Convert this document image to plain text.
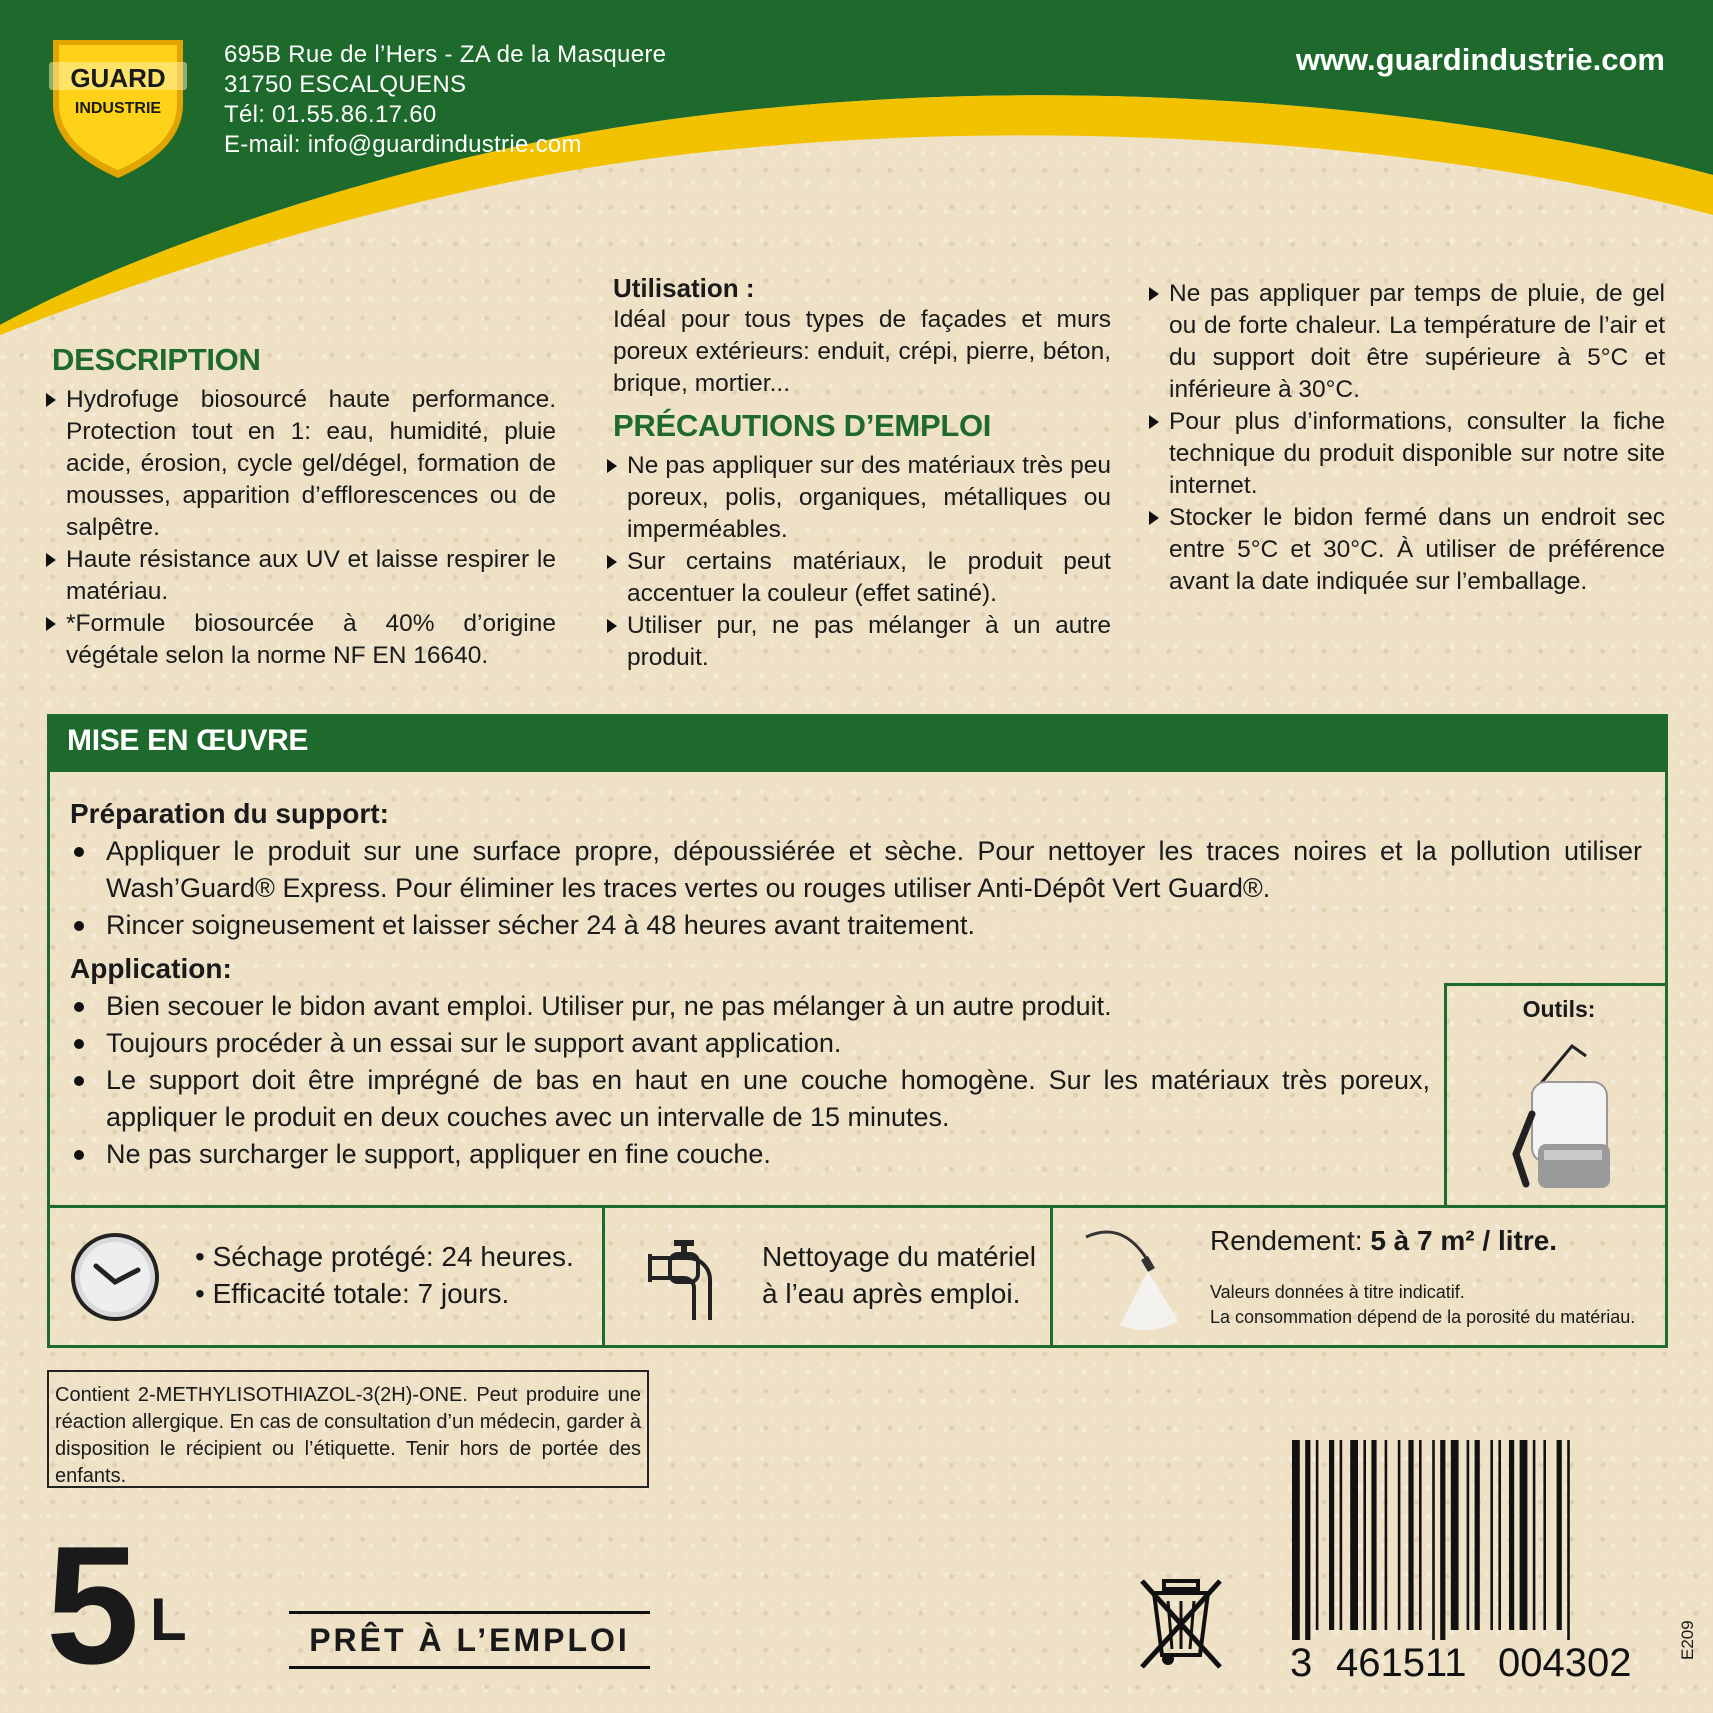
GUARD
INDUSTRIE
695B Rue de l’Hers - ZA de la Masquere
31750 ESCALQUENS
Tél: 01.55.86.17.60
E-mail: info@guardindustrie.com
www.guardindustrie.com
DESCRIPTION
Hydrofuge biosourcé haute performance. Protection tout en 1: eau, humidité, pluie acide, érosion, cycle gel/dégel, formation de mousses, apparition d’efflorescences ou de salpêtre.
Haute résistance aux UV et laisse respirer le matériau.
*Formule biosourcée à 40% d’origine végétale selon la norme NF EN 16640.
Utilisation :
Idéal pour tous types de façades et murs poreux extérieurs: enduit, crépi, pierre, béton, brique, mortier...
PRÉCAUTIONS D’EMPLOI
Ne pas appliquer sur des matériaux très peu poreux, polis, organiques, métalliques ou imperméables.
Sur certains matériaux, le produit peut accentuer la couleur (effet satiné).
Utiliser pur, ne pas mélanger à un autre produit.
Ne pas appliquer par temps de pluie, de gel ou de forte chaleur. La température de l’air et du support doit être supérieure à 5°C et inférieure à 30°C.
Pour plus d’informations, consulter la fiche technique du produit disponible sur notre site internet.
Stocker le bidon fermé dans un endroit sec entre 5°C et 30°C. À utiliser de préférence avant la date indiquée sur l’emballage.
MISE EN ŒUVRE
Préparation du support:
Appliquer le produit sur une surface propre, dépoussiérée et sèche. Pour nettoyer les traces noires et la pollution utiliser Wash’Guard® Express. Pour éliminer les traces vertes ou rouges utiliser Anti-Dépôt Vert Guard®.
Rincer soigneusement et laisser sécher 24 à 48 heures avant traitement.
Application:
Bien secouer le bidon avant emploi. Utiliser pur, ne pas mélanger à un autre produit.
Toujours procéder à un essai sur le support avant application.
Le support doit être imprégné de bas en haut en une couche homogène. Sur les matériaux très poreux, appliquer le produit en deux couches avec un intervalle de 15 minutes.
Ne pas surcharger le support, appliquer en fine couche.
Outils:
• Séchage protégé: 24 heures.
• Efficacité totale: 7 jours.
Nettoyage du matériel
à l’eau après emploi.
Rendement: 5 à 7 m² / litre.
Valeurs données à titre indicatif.
La consommation dépend de la porosité du matériau.
Contient 2-METHYLISOTHIAZOL-3(2H)-ONE. Peut produire une réaction allergique. En cas de consultation d’un médecin, garder à disposition le récipient ou l’étiquette. Tenir hors de portée des enfants.
5 L	PRÊT À L’EMPLOI
3 461511 004302
E209
